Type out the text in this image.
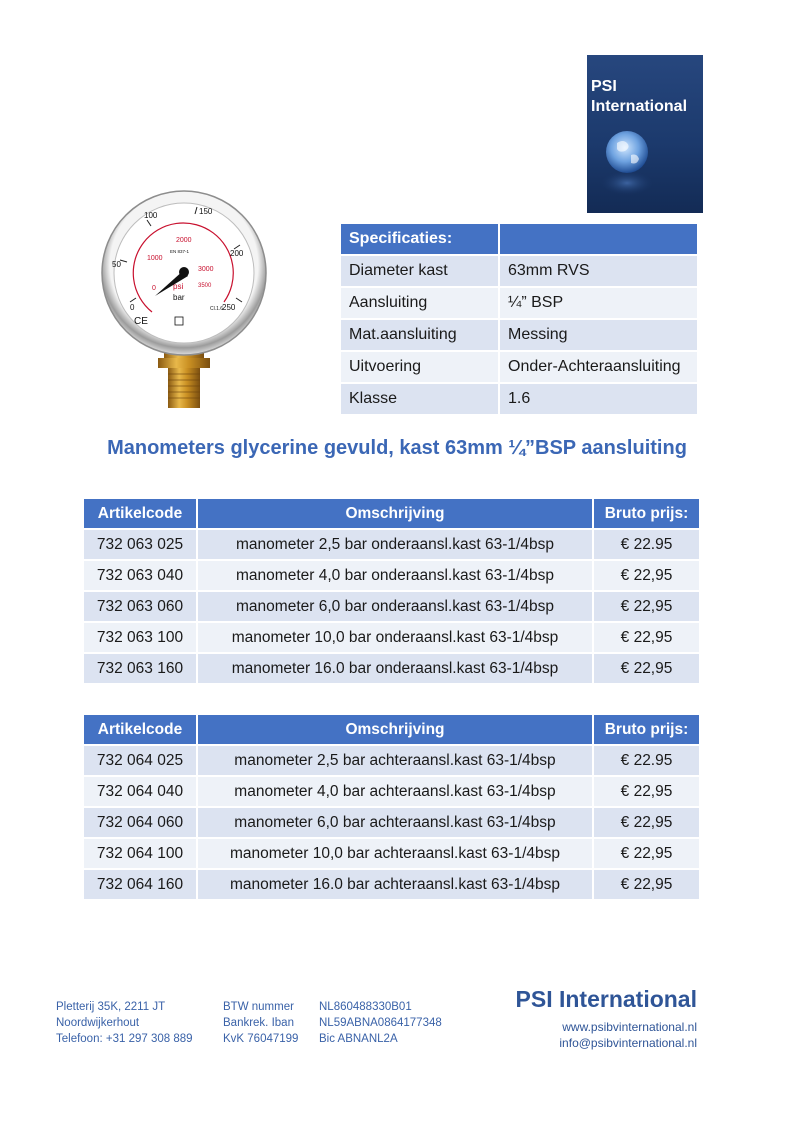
PSI
International
0
50
100	150
200
250
0
1000
2000
3000
3500
psi
bar
EN 837-1
Cl.1.6
CE
Specificaties:	
Diameter kast	63mm RVS
Aansluiting	¼” BSP
Mat.aansluiting	Messing
Uitvoering	Onder-Achteraansluiting
Klasse	1.6
Manometers glycerine gevuld, kast 63mm ¼”BSP aansluiting
Artikelcode	Omschrijving	Bruto prijs:
732 063 025	manometer 2,5 bar onderaansl.kast 63-1/4bsp	€ 22.95
732 063 040	manometer 4,0 bar onderaansl.kast 63-1/4bsp	€ 22,95
732 063 060	manometer 6,0 bar onderaansl.kast 63-1/4bsp	€ 22,95
732 063 100	manometer 10,0 bar onderaansl.kast 63-1/4bsp	€ 22,95
732 063 160	manometer 16.0 bar onderaansl.kast 63-1/4bsp	€ 22,95
Artikelcode	Omschrijving	Bruto prijs:
732 064 025	manometer 2,5 bar achteraansl.kast 63-1/4bsp	€ 22.95
732 064 040	manometer 4,0 bar achteraansl.kast 63-1/4bsp	€ 22,95
732 064 060	manometer 6,0 bar achteraansl.kast 63-1/4bsp	€ 22,95
732 064 100	manometer 10,0 bar achteraansl.kast 63-1/4bsp	€ 22,95
732 064 160	manometer 16.0 bar achteraansl.kast 63-1/4bsp	€ 22,95
Pletterij 35K, 2211 JT
Noordwijkerhout
Telefoon: +31 297 308 889
BTW nummer
Bankrek. Iban
KvK 76047199
NL860488330B01
NL59ABNA0864177348
Bic ABNANL2A
PSI International
www.psibvinternational.nl
info@psibvinternational.nl
